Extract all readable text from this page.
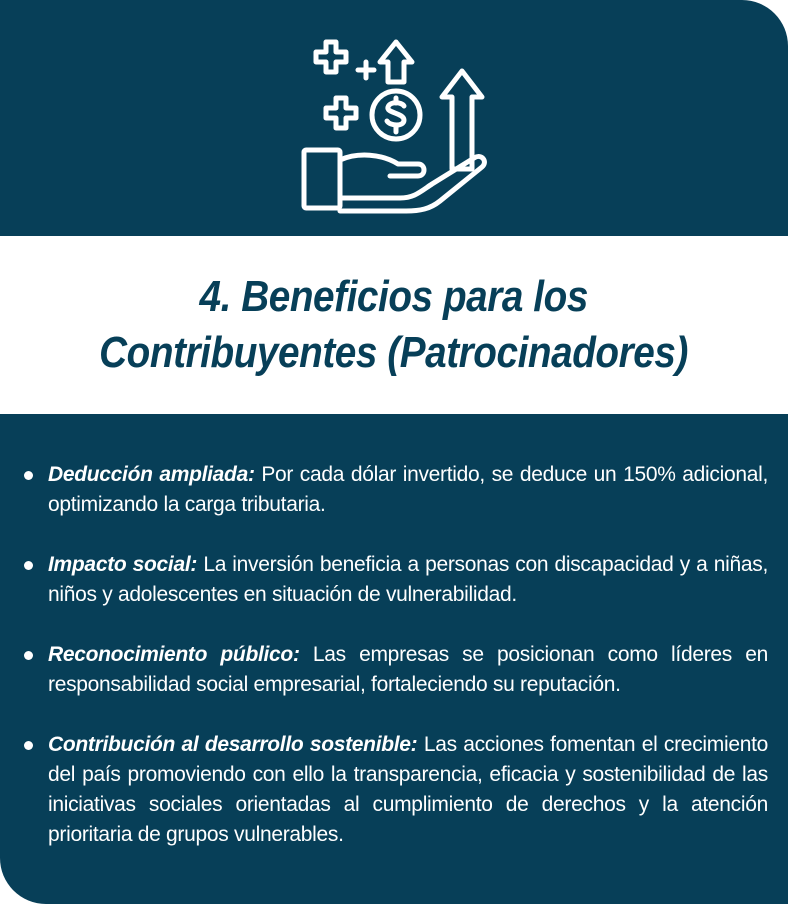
4. Beneficios para los
Contribuyentes (Patrocinadores)
Deducción ampliada: Por cada dólar invertido, se deduce un 150% adicional, optimizando la carga tributaria.
Impacto social: La inversión beneficia a personas con discapacidad y a niñas, niños y adolescentes en situación de vulnerabilidad.
Reconocimiento público: Las empresas se posicionan como líderes en responsabilidad social empresarial, fortaleciendo su reputación.
Contribución al desarrollo sostenible: Las acciones fomentan el crecimiento del país promoviendo con ello la transparencia, eficacia y sostenibilidad de las iniciativas sociales orientadas al cumplimiento de derechos y la atención prioritaria de grupos vulnerables.
